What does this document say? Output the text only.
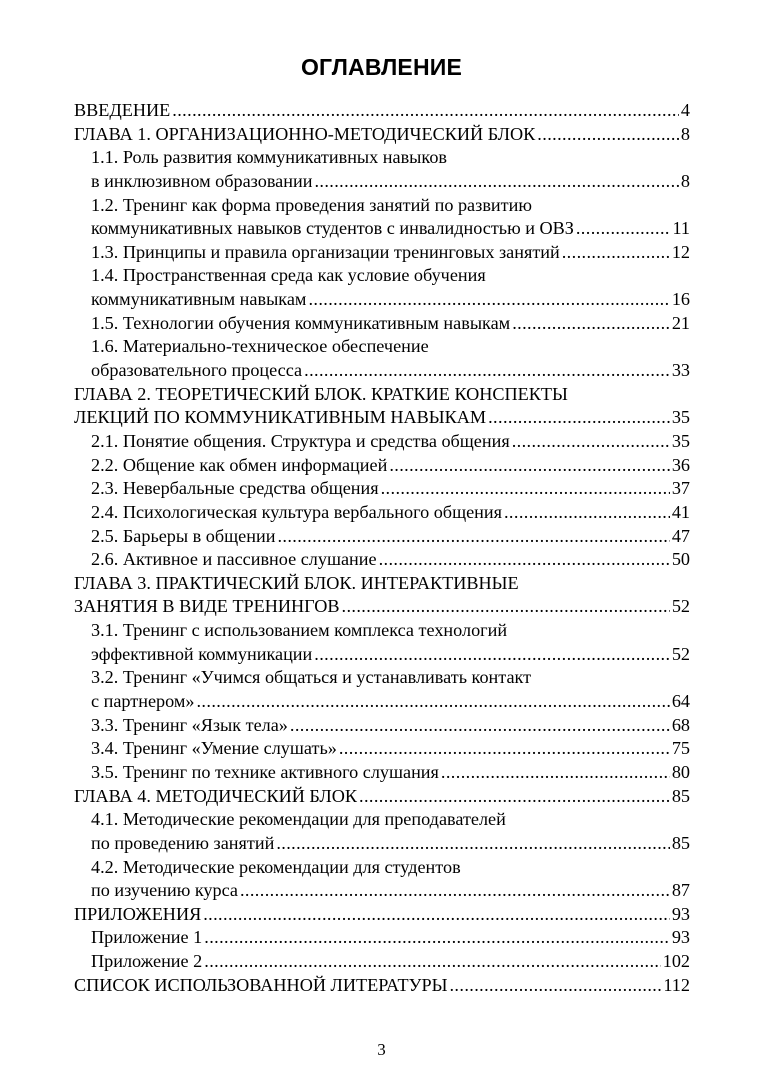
ОГЛАВЛЕНИЕ
ВВЕДЕНИЕ .....	4
ГЛАВА 1. ОРГАНИЗАЦИОННО-МЕТОДИЧЕСКИЙ БЛОК .....	8
1.1. Роль развития коммуникативных навыков
в инклюзивном образовании .....	8
1.2. Тренинг как форма проведения занятий по развитию
коммуникативных навыков студентов с инвалидностью и ОВЗ .....	11
1.3. Принципы и правила организации тренинговых занятий .....	12
1.4. Пространственная среда как условие обучения
коммуникативным навыкам .....	16
1.5. Технологии обучения коммуникативным навыкам .....	21
1.6. Материально-техническое обеспечение
образовательного процесса .....	33
ГЛАВА 2. ТЕОРЕТИЧЕСКИЙ БЛОК. КРАТКИЕ КОНСПЕКТЫ
ЛЕКЦИЙ ПО КОММУНИКАТИВНЫМ НАВЫКАМ .....	35
2.1. Понятие общения. Структура и средства общения .....	35
2.2. Общение как обмен информацией .....	36
2.3. Невербальные средства общения .....	37
2.4. Психологическая культура вербального общения .....	41
2.5. Барьеры в общении .....	47
2.6. Активное и пассивное слушание .....	50
ГЛАВА 3. ПРАКТИЧЕСКИЙ БЛОК. ИНТЕРАКТИВНЫЕ
ЗАНЯТИЯ В ВИДЕ ТРЕНИНГОВ .....	52
3.1. Тренинг с использованием комплекса технологий
эффективной коммуникации .....	52
3.2. Тренинг «Учимся общаться и устанавливать контакт
с партнером» .....	64
3.3. Тренинг «Язык тела» .....	68
3.4. Тренинг «Умение слушать» .....	75
3.5. Тренинг по технике активного слушания .....	80
ГЛАВА 4. МЕТОДИЧЕСКИЙ БЛОК .....	85
4.1. Методические рекомендации для преподавателей
по проведению занятий .....	85
4.2. Методические рекомендации для студентов
по изучению курса .....	87
ПРИЛОЖЕНИЯ .....	93
Приложение 1 .....	93
Приложение 2 .....	102
СПИСОК ИСПОЛЬЗОВАННОЙ ЛИТЕРАТУРЫ .....	112
3
